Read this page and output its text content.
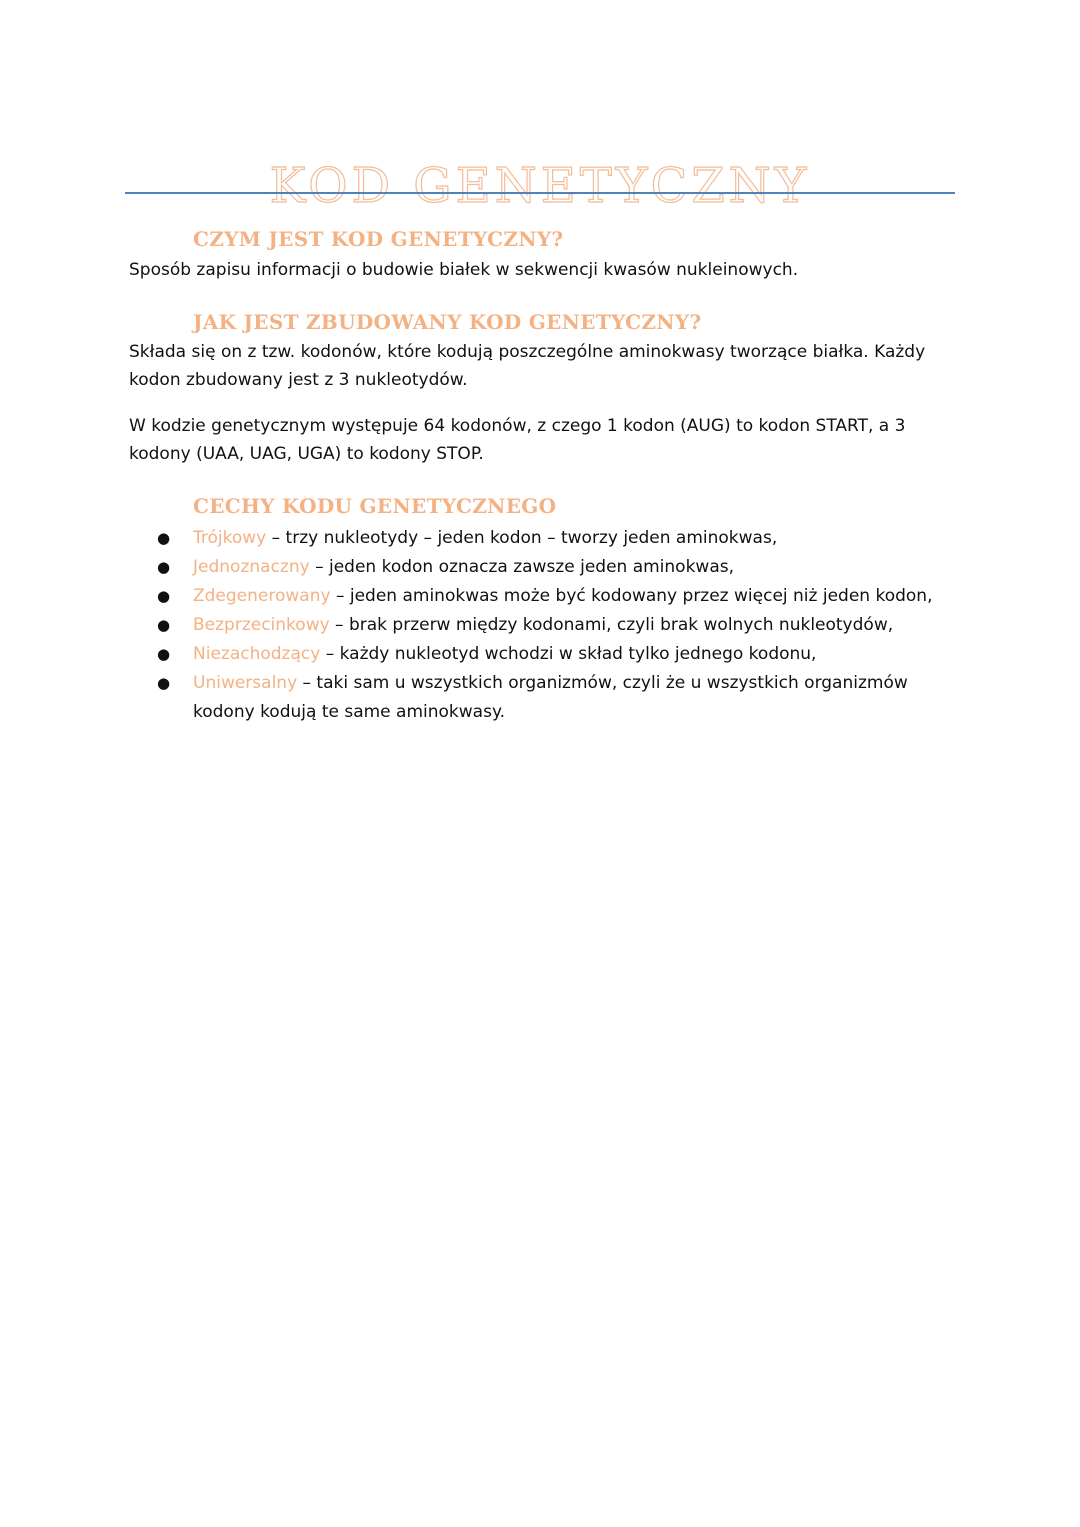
KOD GENETYCZNY
CZYM JEST KOD GENETYCZNY?
Sposób zapisu informacji o budowie białek w sekwencji kwasów nukleinowych.
JAK JEST ZBUDOWANY KOD GENETYCZNY?
Składa się on z tzw. kodonów, które kodują poszczególne aminokwasy tworzące białka. Każdy kodon zbudowany jest z 3 nukleotydów.
W kodzie genetycznym występuje 64 kodonów, z czego 1 kodon (AUG) to kodon START, a 3 kodony (UAA, UAG, UGA) to kodony STOP.
CECHY KODU GENETYCZNEGO
● Trójkowy – trzy nukleotydy – jeden kodon – tworzy jeden aminokwas,
● Jednoznaczny – jeden kodon oznacza zawsze jeden aminokwas,
● Zdegenerowany – jeden aminokwas może być kodowany przez więcej niż jeden kodon,
● Bezprzecinkowy – brak przerw między kodonami, czyli brak wolnych nukleotydów,
● Niezachodzący – każdy nukleotyd wchodzi w skład tylko jednego kodonu,
● Uniwersalny – taki sam u wszystkich organizmów, czyli że u wszystkich organizmów kodony kodują te same aminokwasy.
